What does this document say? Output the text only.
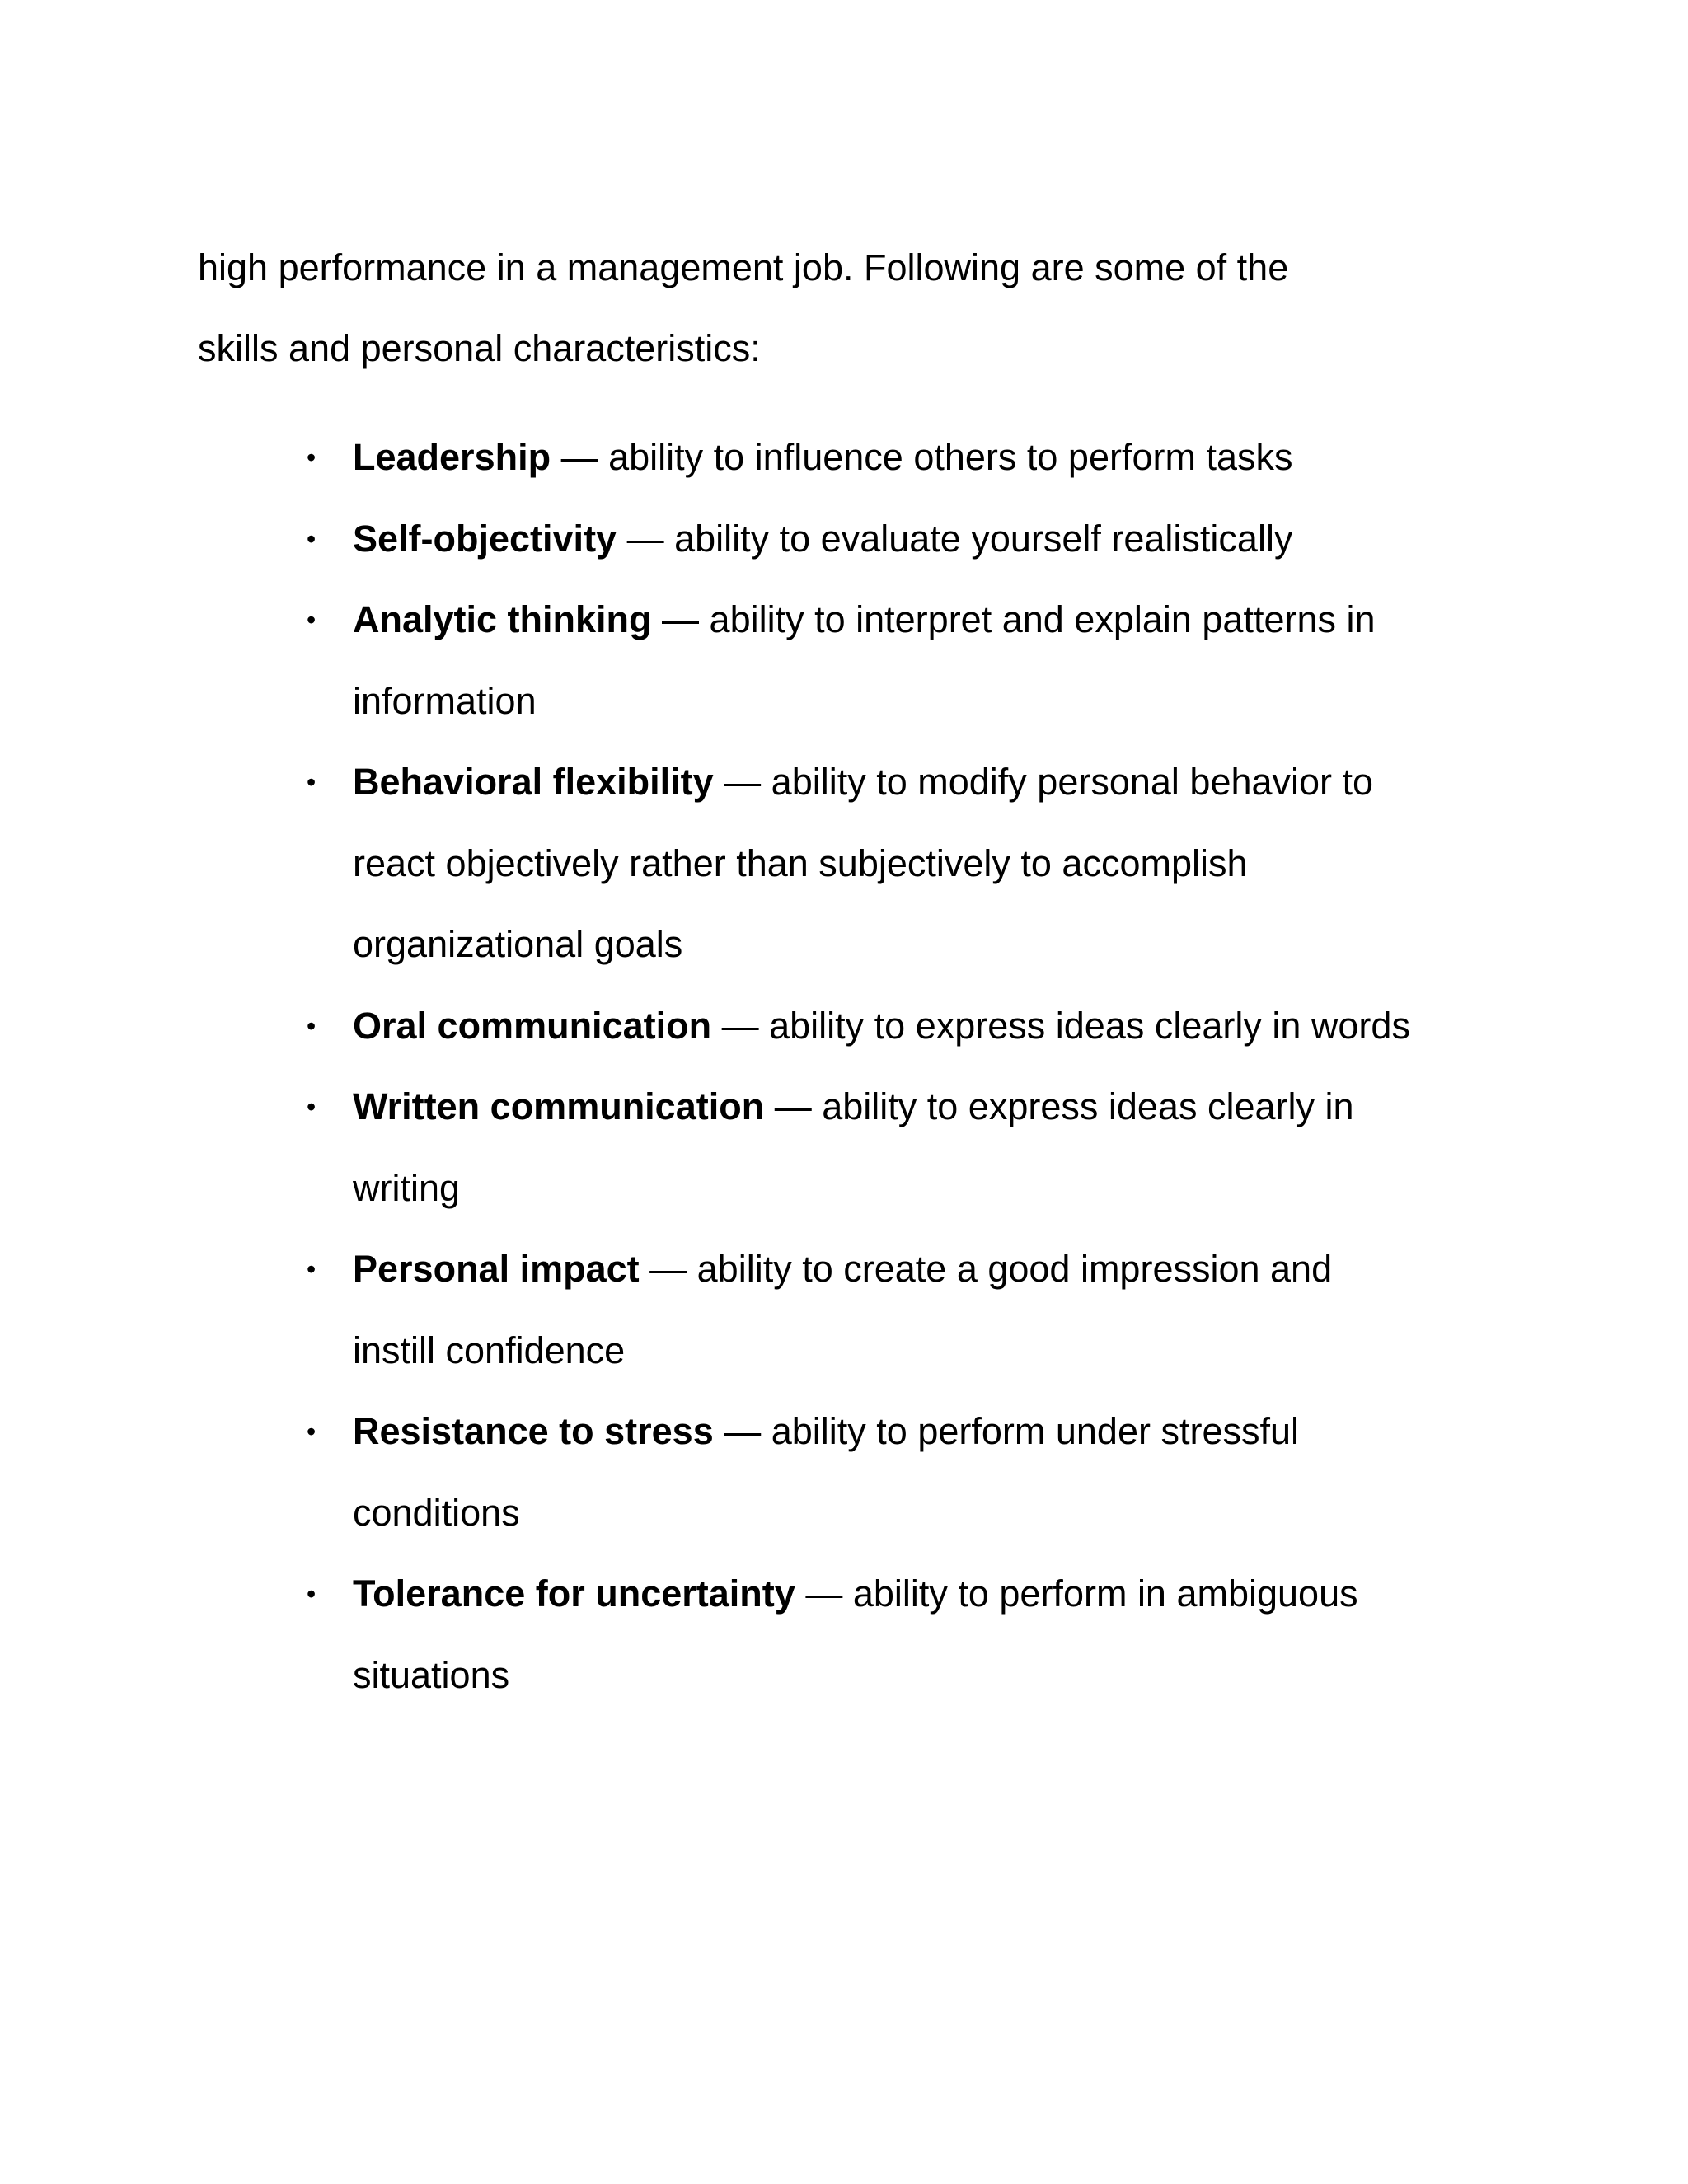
high performance in a management job. Following are some of the
skills and personal characteristics:

• Leadership — ability to influence others to perform tasks
• Self-objectivity — ability to evaluate yourself realistically
• Analytic thinking — ability to interpret and explain patterns in
information
• Behavioral flexibility — ability to modify personal behavior to
react objectively rather than subjectively to accomplish
organizational goals
• Oral communication — ability to express ideas clearly in words
• Written communication — ability to express ideas clearly in
writing
• Personal impact — ability to create a good impression and
instill confidence
• Resistance to stress — ability to perform under stressful
conditions
• Tolerance for uncertainty — ability to perform in ambiguous
situations
